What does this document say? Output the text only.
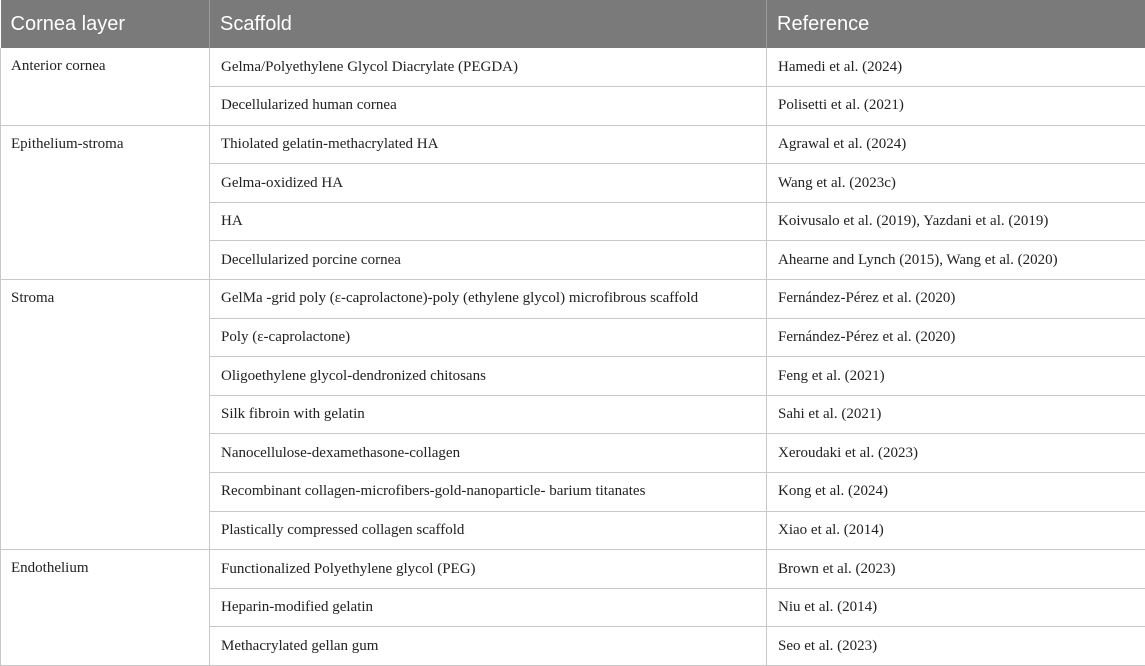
Cornea layer	Scaffold	Reference
Anterior cornea	Gelma/Polyethylene Glycol Diacrylate (PEGDA)	Hamedi et al. (2024)
	Decellularized human cornea	Polisetti et al. (2021)
Epithelium-stroma	Thiolated gelatin-methacrylated HA	Agrawal et al. (2024)
	Gelma-oxidized HA	Wang et al. (2023c)
	HA	Koivusalo et al. (2019), Yazdani et al. (2019)
	Decellularized porcine cornea	Ahearne and Lynch (2015), Wang et al. (2020)
Stroma	GelMa -grid poly (ε-caprolactone)-poly (ethylene glycol) microfibrous scaffold	Fernández-Pérez et al. (2020)
	Poly (ε-caprolactone)	Fernández-Pérez et al. (2020)
	Oligoethylene glycol-dendronized chitosans	Feng et al. (2021)
	Silk fibroin with gelatin	Sahi et al. (2021)
	Nanocellulose-dexamethasone-collagen	Xeroudaki et al. (2023)
	Recombinant collagen-microfibers-gold-nanoparticle- barium titanates	Kong et al. (2024)
	Plastically compressed collagen scaffold	Xiao et al. (2014)
Endothelium	Functionalized Polyethylene glycol (PEG)	Brown et al. (2023)
	Heparin-modified gelatin	Niu et al. (2014)
	Methacrylated gellan gum	Seo et al. (2023)
